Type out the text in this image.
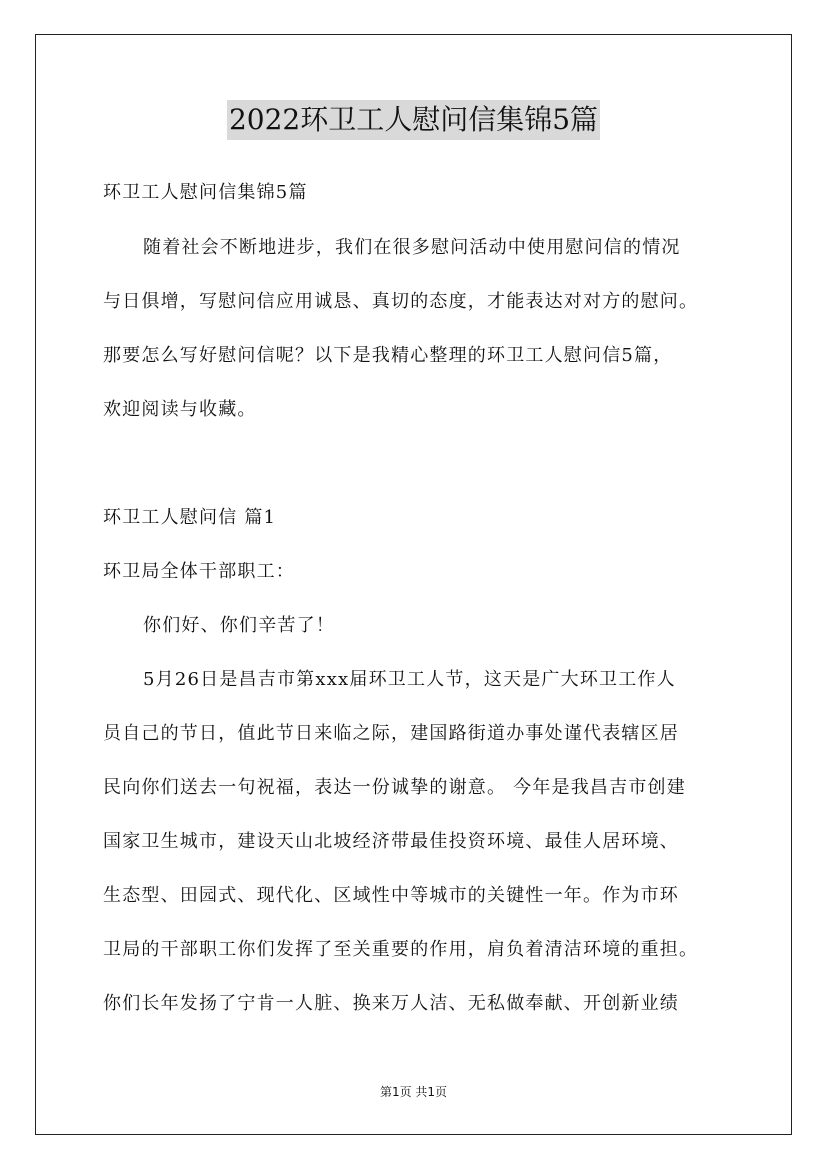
2022环卫工人慰问信集锦5篇
环卫工人慰问信集锦5篇
随着社会不断地进步，我们在很多慰问活动中使用慰问信的情况
与日俱增，写慰问信应用诚恳、真切的态度，才能表达对对方的慰问。
那要怎么写好慰问信呢？以下是我精心整理的环卫工人慰问信5篇，
欢迎阅读与收藏。
环卫工人慰问信 篇1
环卫局全体干部职工：
你们好、你们辛苦了！
5月26日是昌吉市第xxx届环卫工人节，这天是广大环卫工作人
员自己的节日，值此节日来临之际，建国路街道办事处谨代表辖区居
民向你们送去一句祝福，表达一份诚挚的谢意。 今年是我昌吉市创建
国家卫生城市，建设天山北坡经济带最佳投资环境、最佳人居环境、
生态型、田园式、现代化、区域性中等城市的关键性一年。作为市环
卫局的干部职工你们发挥了至关重要的作用，肩负着清洁环境的重担。
你们长年发扬了宁肯一人脏、换来万人洁、无私做奉献、开创新业绩
第1页 共1页
